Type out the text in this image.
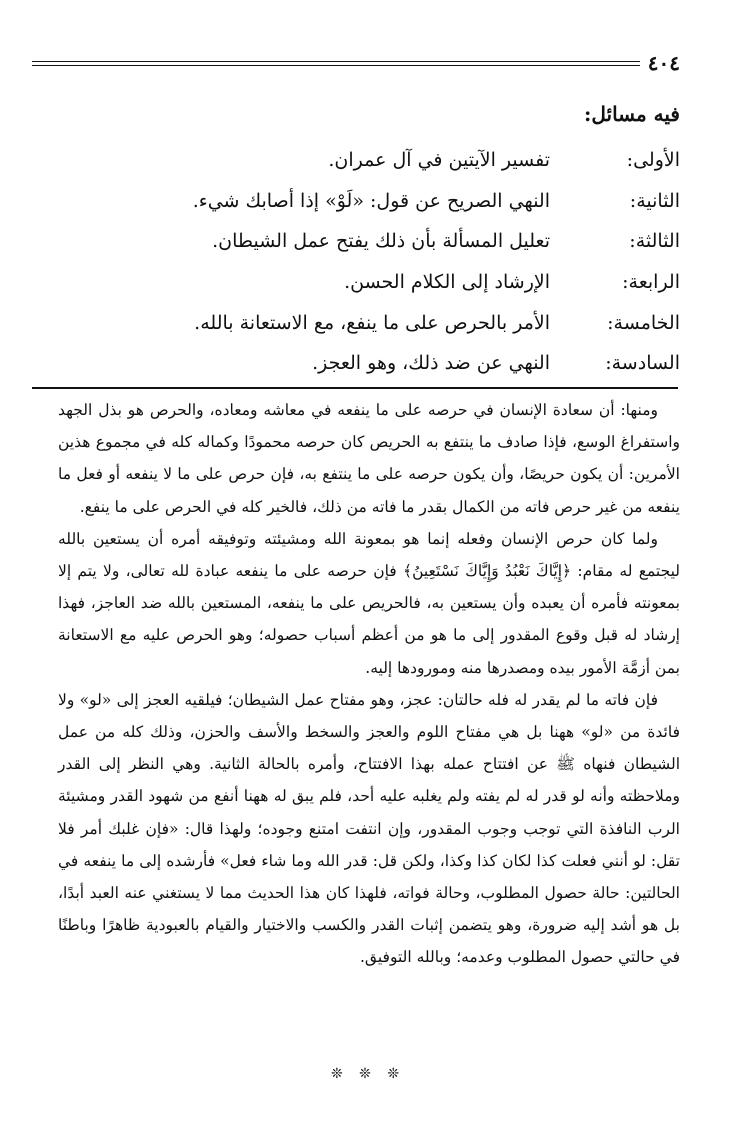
٤٠٤
فيه مسائل:
الأولى:
تفسير الآيتين في آل عمران.
الثانية:
النهي الصريح عن قول: «لَوْ» إذا أصابك شيء.
الثالثة:
تعليل المسألة بأن ذلك يفتح عمل الشيطان.
الرابعة:
الإرشاد إلى الكلام الحسن.
الخامسة:
الأمر بالحرص على ما ينفع، مع الاستعانة بالله.
السادسة:
النهي عن ضد ذلك، وهو العجز.

ومنها: أن سعادة الإنسان في حرصه على ما ينفعه في معاشه ومعاده، والحرص هو بذل الجهد واستفراغ الوسع، فإذا صادف ما ينتفع به الحريص كان حرصه محمودًا وكماله كله في مجموع هذين الأمرين: أن يكون حريصًا، وأن يكون حرصه على ما ينتفع به، فإن حرص على ما لا ينفعه أو فعل ما ينفعه من غير حرص فاته من الكمال بقدر ما فاته من ذلك، فالخير كله في الحرص على ما ينفع.

ولما كان حرص الإنسان وفعله إنما هو بمعونة الله ومشيئته وتوفيقه أمره أن يستعين بالله ليجتمع له مقام: ﴿إِيَّاكَ نَعْبُدُ وَإِيَّاكَ نَسْتَعِينُ﴾ فإن حرصه على ما ينفعه عبادة لله تعالى، ولا يتم إلا بمعونته فأمره أن يعبده وأن يستعين به، فالحريص على ما ينفعه، المستعين بالله ضد العاجز، فهذا إرشاد له قبل وقوع المقدور إلى ما هو من أعظم أسباب حصوله؛ وهو الحرص عليه مع الاستعانة بمن أزمَّة الأمور بيده ومصدرها منه ومورودها إليه.

فإن فاته ما لم يقدر له فله حالتان: عجز، وهو مفتاح عمل الشيطان؛ فيلقيه العجز إلى «لو» ولا فائدة من «لو» ههنا بل هي مفتاح اللوم والعجز والسخط والأسف والحزن، وذلك كله من عمل الشيطان فنهاه ﷺ عن افتتاح عمله بهذا الافتتاح، وأمره بالحالة الثانية. وهي النظر إلى القدر وملاحظته وأنه لو قدر له لم يفته ولم يغلبه عليه أحد، فلم يبق له ههنا أنفع من شهود القدر ومشيئة الرب النافذة التي توجب وجوب المقدور، وإن انتفت امتنع وجوده؛ ولهذا قال: «فإن غلبك أمر فلا تقل: لو أنني فعلت كذا لكان كذا وكذا، ولكن قل: قدر الله وما شاء فعل» فأرشده إلى ما ينفعه في الحالتين: حالة حصول المطلوب، وحالة فواته، فلهذا كان هذا الحديث مما لا يستغني عنه العبد أبدًا، بل هو أشد إليه ضرورة، وهو يتضمن إثبات القدر والكسب والاختيار والقيام بالعبودية ظاهرًا وباطنًا في حالتي حصول المطلوب وعدمه؛ وبالله التوفيق.

❊ ❊ ❊
